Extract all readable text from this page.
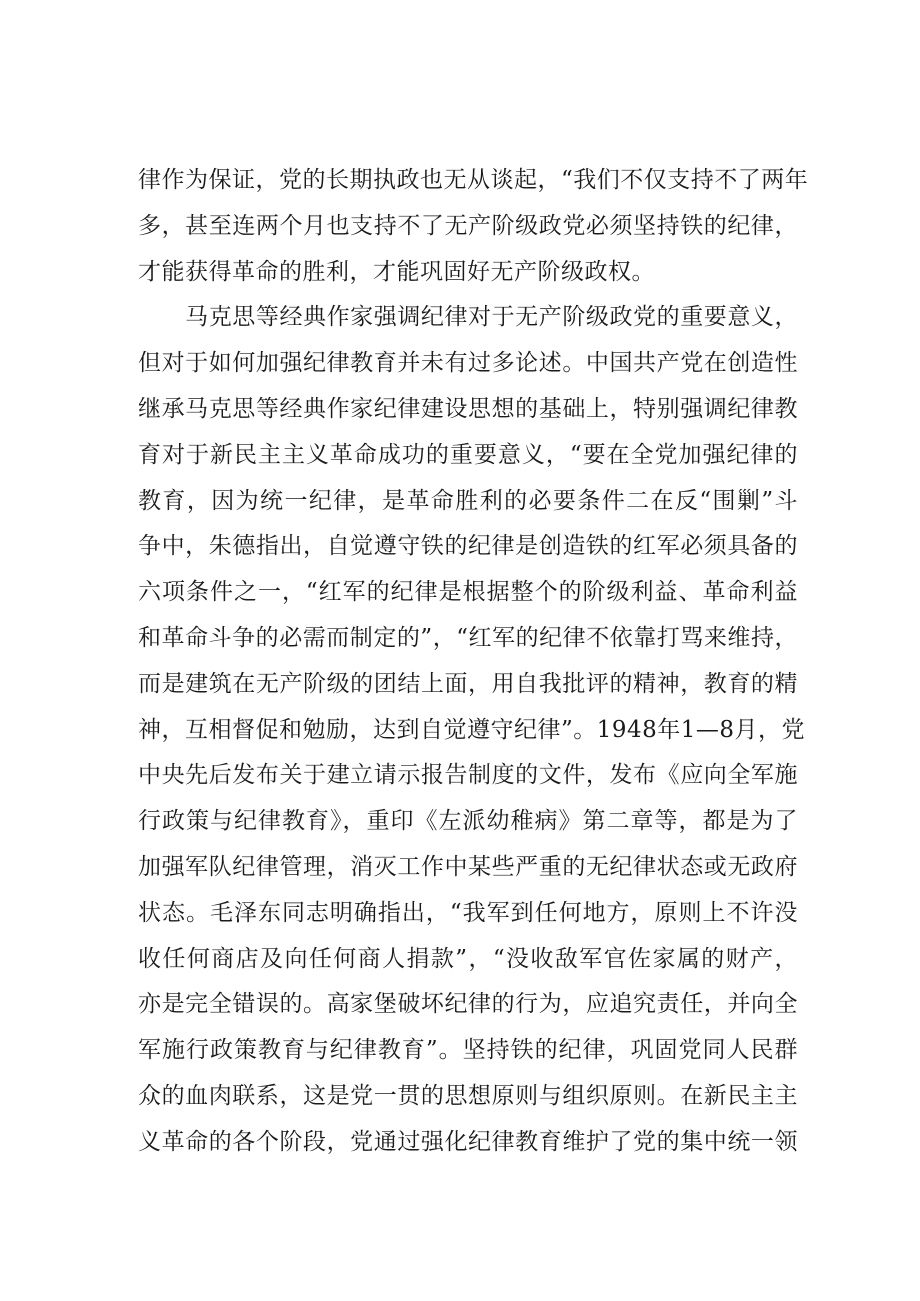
律作为保证，党的长期执政也无从谈起，“我们不仅支持不了两年
多，甚至连两个月也支持不了无产阶级政党必须坚持铁的纪律，
才能获得革命的胜利，才能巩固好无产阶级政权。
　　马克思等经典作家强调纪律对于无产阶级政党的重要意义，
但对于如何加强纪律教育并未有过多论述。中国共产党在创造性
继承马克思等经典作家纪律建设思想的基础上，特别强调纪律教
育对于新民主主义革命成功的重要意义，“要在全党加强纪律的
教育，因为统一纪律，是革命胜利的必要条件二在反“围剿”斗
争中，朱德指出，自觉遵守铁的纪律是创造铁的红军必须具备的
六项条件之一，“红军的纪律是根据整个的阶级利益、革命利益
和革命斗争的必需而制定的”，“红军的纪律不依靠打骂来维持，
而是建筑在无产阶级的团结上面，用自我批评的精神，教育的精
神，互相督促和勉励，达到自觉遵守纪律”。1948年1—8月，党
中央先后发布关于建立请示报告制度的文件，发布《应向全军施
行政策与纪律教育》，重印《左派幼稚病》第二章等，都是为了
加强军队纪律管理，消灭工作中某些严重的无纪律状态或无政府
状态。毛泽东同志明确指出，“我军到任何地方，原则上不许没
收任何商店及向任何商人捐款”，“没收敌军官佐家属的财产，
亦是完全错误的。高家堡破坏纪律的行为，应追究责任，并向全
军施行政策教育与纪律教育”。坚持铁的纪律，巩固党同人民群
众的血肉联系，这是党一贯的思想原则与组织原则。在新民主主
义革命的各个阶段，党通过强化纪律教育维护了党的集中统一领
